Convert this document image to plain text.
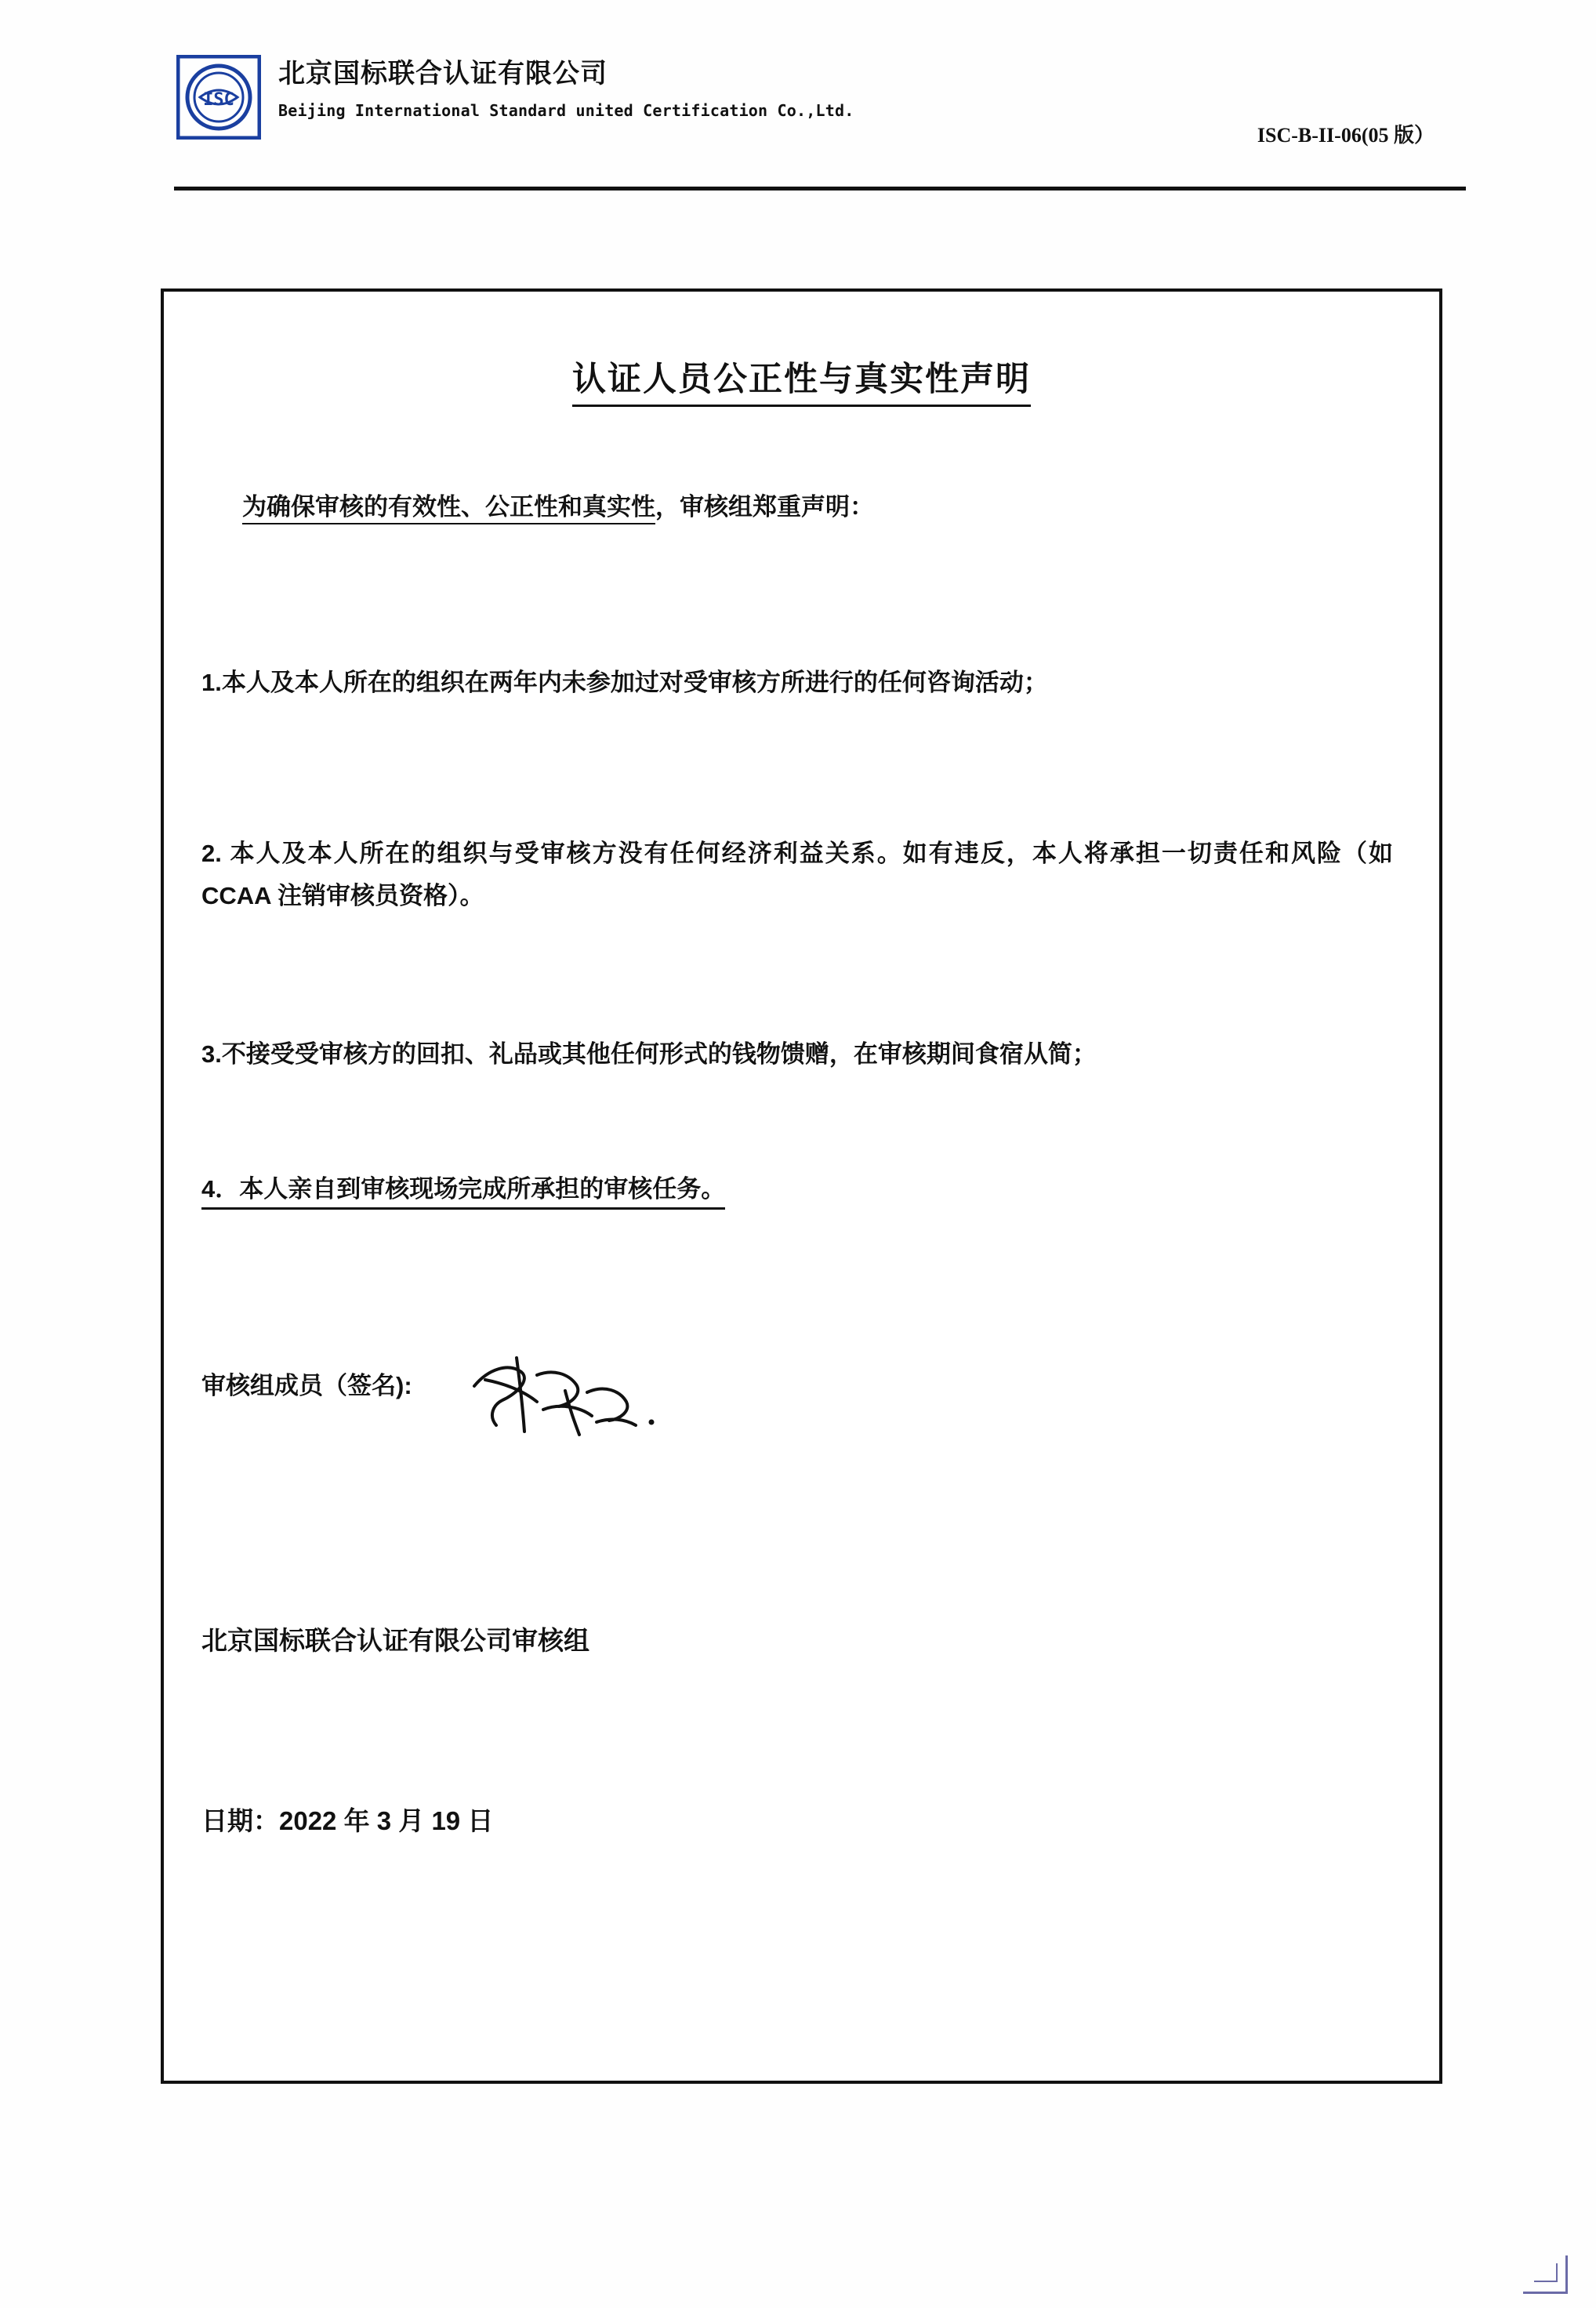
ISC
北京国标联合认证有限公司
Beijing International Standard united Certification Co.,Ltd.
ISC-B-II-06(05 版）
认证人员公正性与真实性声明
为确保审核的有效性、公正性和真实性，审核组郑重声明：
1.本人及本人所在的组织在两年内未参加过对受审核方所进行的任何咨询活动；
2. 本人及本人所在的组织与受审核方没有任何经济利益关系。如有违反，本人将承担一切责任和风险（如 CCAA 注销审核员资格）。
3.不接受受审核方的回扣、礼品或其他任何形式的钱物馈赠，在审核期间食宿从简；
4．本人亲自到审核现场完成所承担的审核任务。
审核组成员（签名):
北京国标联合认证有限公司审核组
日期：2022 年 3 月 19 日
